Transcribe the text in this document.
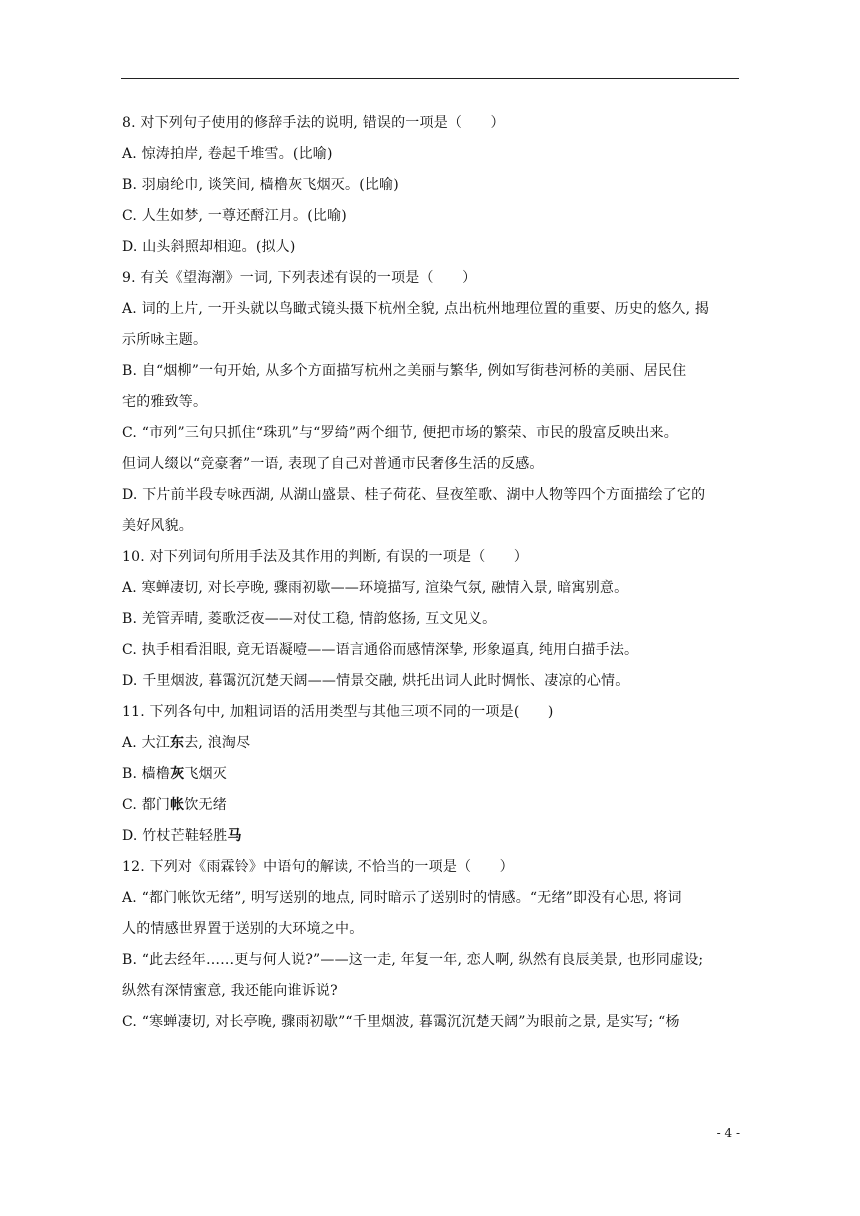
8. 对下列句子使用的修辞手法的说明, 错误的一项是（　　）
A. 惊涛拍岸, 卷起千堆雪。(比喻)
B. 羽扇纶巾, 谈笑间, 樯橹灰飞烟灭。(比喻)
C. 人生如梦, 一尊还酹江月。(比喻)
D. 山头斜照却相迎。(拟人)
9. 有关《望海潮》一词, 下列表述有误的一项是（　　）
A. 词的上片, 一开头就以鸟瞰式镜头摄下杭州全貌, 点出杭州地理位置的重要、历史的悠久, 揭
示所咏主题。
B. 自“烟柳”一句开始, 从多个方面描写杭州之美丽与繁华, 例如写街巷河桥的美丽、居民住
宅的雅致等。
C. “市列”三句只抓住“珠玑”与“罗绮”两个细节, 便把市场的繁荣、市民的殷富反映出来。
但词人缀以“竞豪奢”一语, 表现了自己对普通市民奢侈生活的反感。
D. 下片前半段专咏西湖, 从湖山盛景、桂子荷花、昼夜笙歌、湖中人物等四个方面描绘了它的
美好风貌。
10. 对下列词句所用手法及其作用的判断, 有误的一项是（　　）
A. 寒蝉凄切, 对长亭晚, 骤雨初歇——环境描写, 渲染气氛, 融情入景, 暗寓别意。
B. 羌管弄晴, 菱歌泛夜——对仗工稳, 情韵悠扬, 互文见义。
C. 执手相看泪眼, 竟无语凝噎——语言通俗而感情深挚, 形象逼真, 纯用白描手法。
D. 千里烟波, 暮霭沉沉楚天阔——情景交融, 烘托出词人此时惆怅、凄凉的心情。
11. 下列各句中, 加粗词语的活用类型与其他三项不同的一项是(　　)
A. 大江东去, 浪淘尽
B. 樯橹灰飞烟灭
C. 都门帐饮无绪
D. 竹杖芒鞋轻胜马
12. 下列对《雨霖铃》中语句的解读, 不恰当的一项是（　　）
A. “都门帐饮无绪”, 明写送别的地点, 同时暗示了送别时的情感。“无绪”即没有心思, 将词
人的情感世界置于送别的大环境之中。
B. “此去经年……更与何人说?”——这一走, 年复一年, 恋人啊, 纵然有良辰美景, 也形同虚设;
纵然有深情蜜意, 我还能向谁诉说?
C. “寒蝉凄切, 对长亭晚, 骤雨初歇”“千里烟波, 暮霭沉沉楚天阔”为眼前之景, 是实写; “杨
- 4 -
